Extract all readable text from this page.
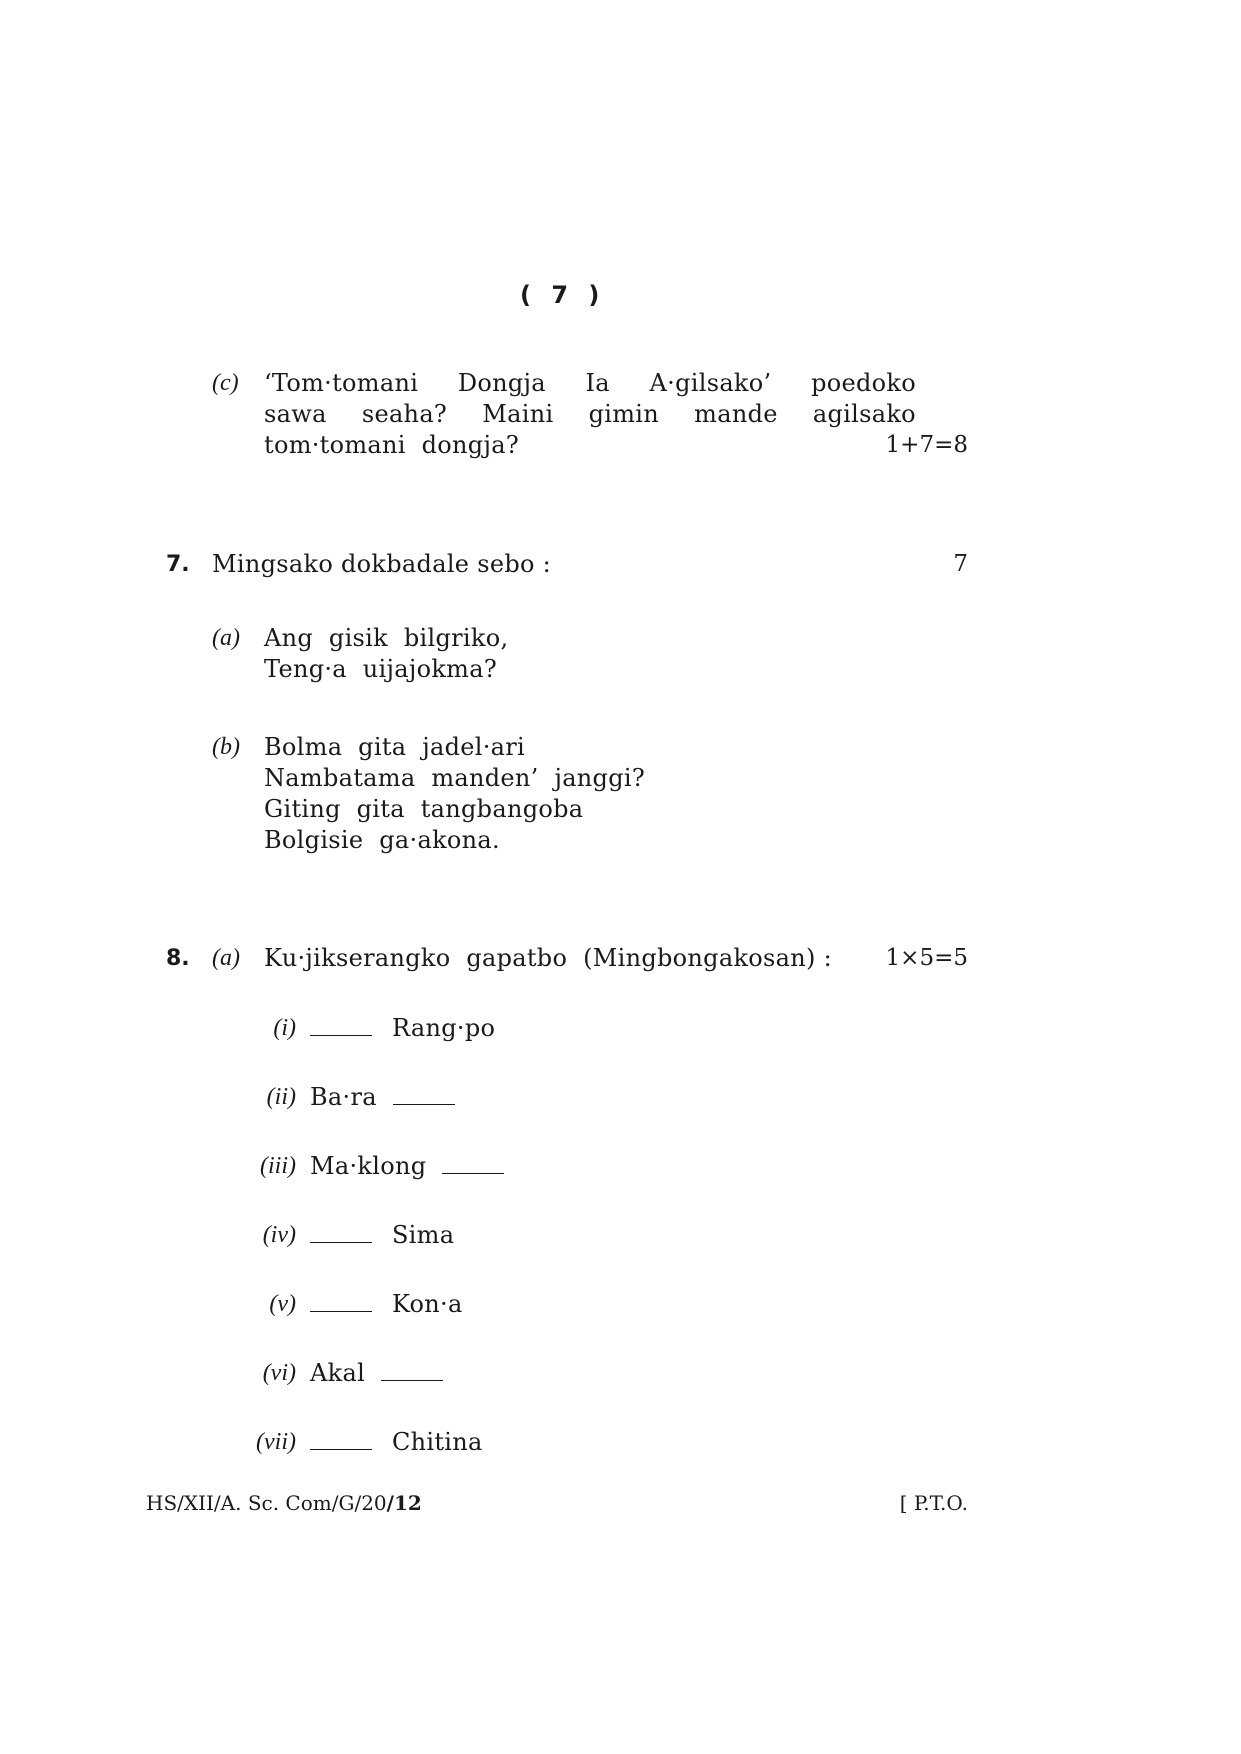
( 7 )
(c) ‘Tom·tomani Dongja Ia A·gilsako’ poedoko
sawa seaha? Maini gimin mande agilsako
tom·tomani  dongja?	1+7=8
7. Mingsako dokbadale sebo :	7
(a) Ang  gisik  bilgriko,
Teng·a  uijajokma?
(b) Bolma  gita  jadel·ari
Nambatama  manden’  janggi?
Giting  gita  tangbangoba
Bolgisie  ga·akona.
8. (a) Ku·jikserangko  gapatbo  (Mingbongakosan) :	1×5=5
(i)	Rang·po
(ii) Ba·ra
(iii) Ma·klong
(iv)	Sima
(v)	Kon·a
(vi) Akal
(vii)	Chitina
HS/XII/A. Sc. Com/G/20/12	[ P.T.O.
